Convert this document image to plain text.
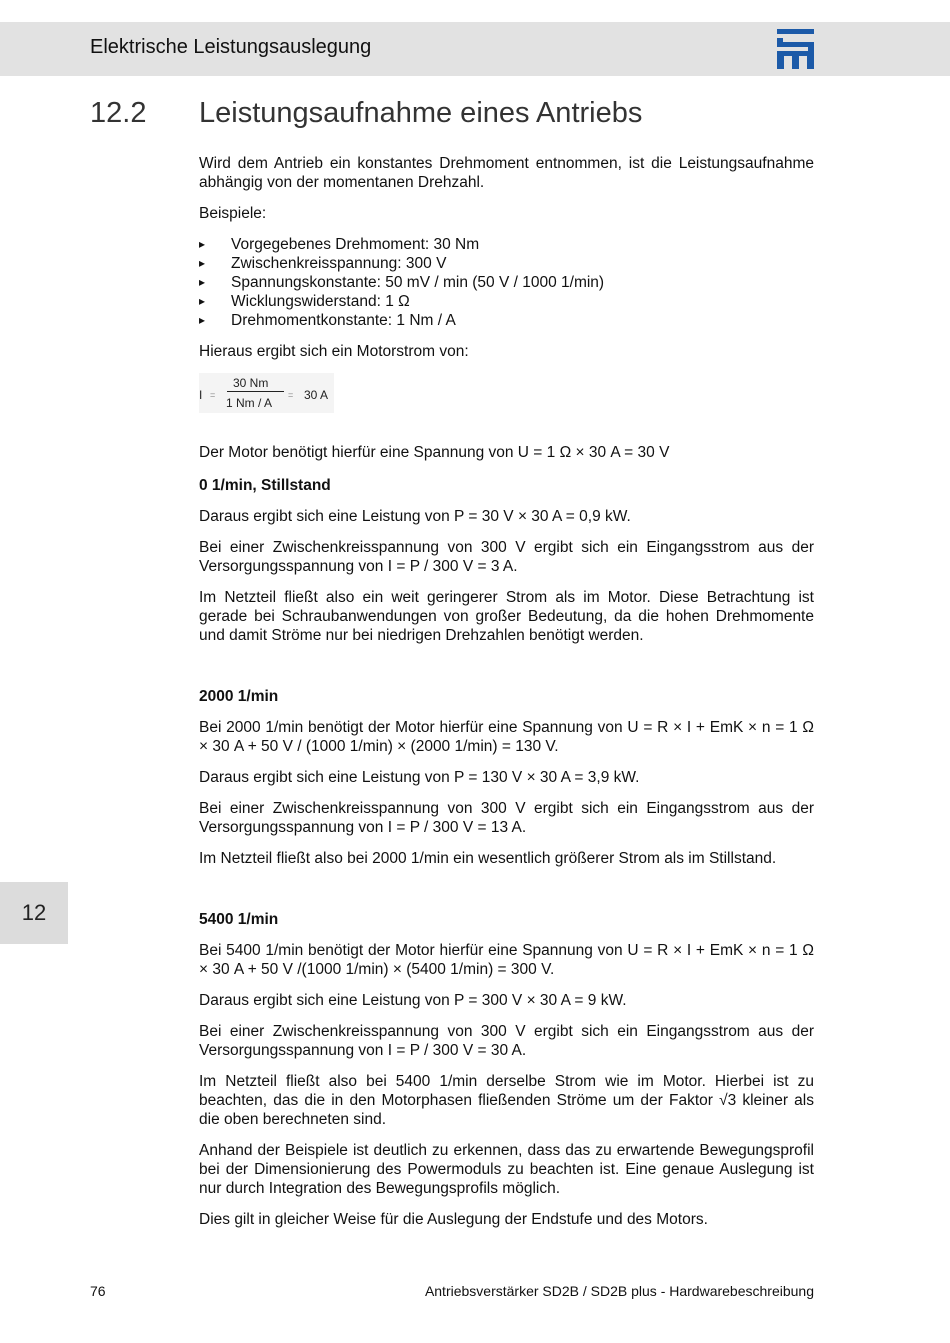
Elektrische Leistungsauslegung
12.2 Leistungsaufnahme eines Antriebs

Wird dem Antrieb ein konstantes Drehmoment entnommen, ist die Leistungsaufnahme abhängig von der momentanen Drehzahl.

Beispiele:

▸ Vorgegebenes Drehmoment: 30 Nm
▸ Zwischenkreisspannung: 300 V
▸ Spannungskonstante: 50 mV / min (50 V / 1000 1/min)
▸ Wicklungswiderstand: 1 Ω
▸ Drehmomentkonstante: 1 Nm / A

Hieraus ergibt sich ein Motorstrom von:

I =
30 Nm
1 Nm / A
= 30 A

Der Motor benötigt hierfür eine Spannung von U = 1 Ω × 30 A = 30 V

0 1/min, Stillstand

Daraus ergibt sich eine Leistung von P = 30 V × 30 A = 0,9 kW.

Bei einer Zwischenkreisspannung von 300 V ergibt sich ein Eingangsstrom aus der Versorgungsspannung von I = P / 300 V = 3 A.

Im Netzteil fließt also ein weit geringerer Strom als im Motor. Diese Betrachtung ist gerade bei Schraubanwendungen von großer Bedeutung, da die hohen Drehmomente und damit Ströme nur bei niedrigen Drehzahlen benötigt werden.

2000 1/min

Bei 2000 1/min benötigt der Motor hierfür eine Spannung von U = R × I + EmK × n = 1 Ω × 30 A + 50 V / (1000 1/min) × (2000 1/min) = 130 V.

Daraus ergibt sich eine Leistung von P = 130 V × 30 A = 3,9 kW.

Bei einer Zwischenkreisspannung von 300 V ergibt sich ein Eingangsstrom aus der Versorgungsspannung von I = P / 300 V = 13 A.

Im Netzteil fließt also bei 2000 1/min ein wesentlich größerer Strom als im Stillstand.

5400 1/min

Bei 5400 1/min benötigt der Motor hierfür eine Spannung von U = R × I + EmK × n = 1 Ω × 30 A + 50 V /(1000 1/min) × (5400 1/min) = 300 V.

Daraus ergibt sich eine Leistung von P = 300 V × 30 A = 9 kW.

Bei einer Zwischenkreisspannung von 300 V ergibt sich ein Eingangsstrom aus der Versorgungsspannung von I = P / 300 V = 30 A.

Im Netzteil fließt also bei 5400 1/min derselbe Strom wie im Motor. Hierbei ist zu beachten, das die in den Motorphasen fließenden Ströme um der Faktor √3 kleiner als die oben berechneten sind.

Anhand der Beispiele ist deutlich zu erkennen, dass das zu erwartende Bewegungsprofil bei der Dimensionierung des Powermoduls zu beachten ist. Eine genaue Auslegung ist nur durch Integration des Bewegungsprofils möglich.

Dies gilt in gleicher Weise für die Auslegung der Endstufe und des Motors.

12
76	Antriebsverstärker SD2B / SD2B plus - Hardwarebeschreibung
